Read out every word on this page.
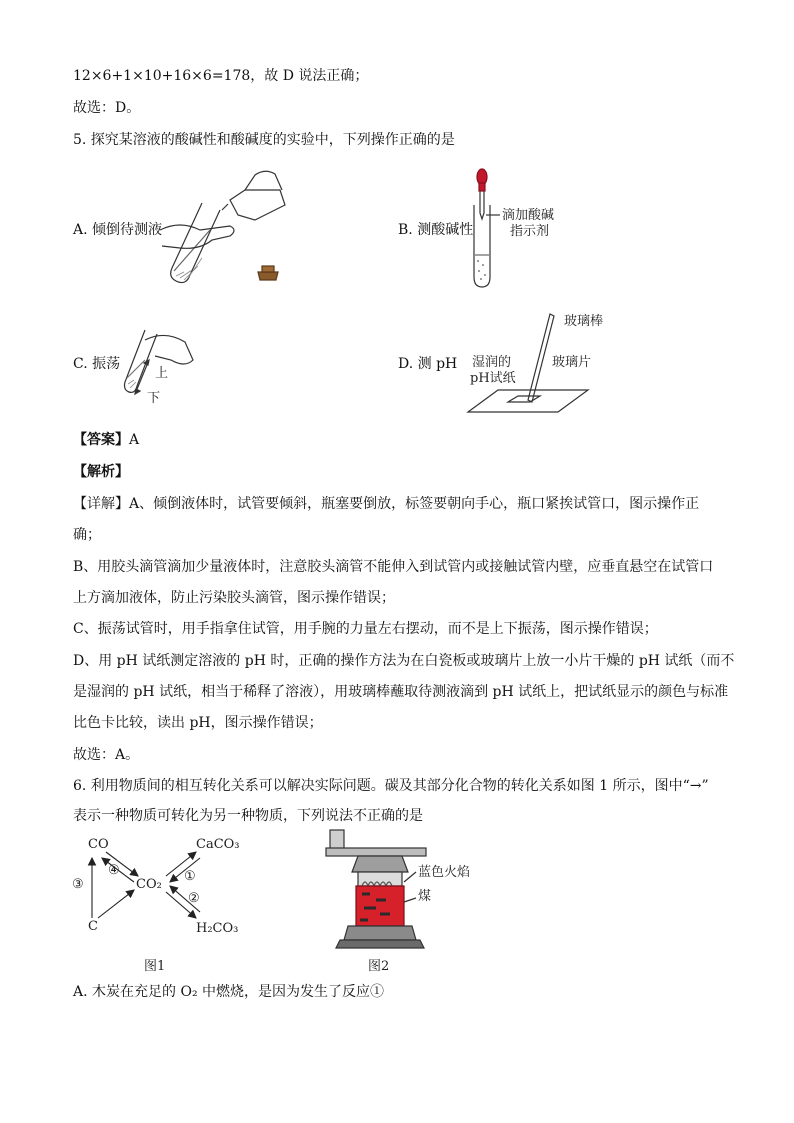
12×6+1×10+16×6=178，故 D 说法正确；
故选：D。
5. 探究某溶液的酸碱性和酸碱度的实验中，下列操作正确的是
A. 倾倒待测液	B. 测酸碱性
C. 振荡	D. 测 pH
滴加酸碱
指示剂
上
下
玻璃棒
湿润的
pH试纸
玻璃片
【答案】A
【解析】
【详解】A、倾倒液体时，试管要倾斜，瓶塞要倒放，标签要朝向手心，瓶口紧挨试管口，图示操作正
确；
B、用胶头滴管滴加少量液体时，注意胶头滴管不能伸入到试管内或接触试管内壁，应垂直悬空在试管口
上方滴加液体，防止污染胶头滴管，图示操作错误；
C、振荡试管时，用手指拿住试管，用手腕的力量左右摆动，而不是上下振荡，图示操作错误；
D、用 pH 试纸测定溶液的 pH 时，正确的操作方法为在白瓷板或玻璃片上放一小片干燥的 pH 试纸（而不
是湿润的 pH 试纸，相当于稀释了溶液），用玻璃棒蘸取待测液滴到 pH 试纸上，把试纸显示的颜色与标准
比色卡比较，读出 pH，图示操作错误；
故选：A。
6. 利用物质间的相互转化关系可以解决实际问题。碳及其部分化合物的转化关系如图 1 所示，图中“→”
表示一种物质可转化为另一种物质，下列说法不正确的是
CO
CO₂
C
CaCO₃
H₂CO₃
④	①
②
③
图1
蓝色火焰
煤
图2
A. 木炭在充足的 O₂ 中燃烧，是因为发生了反应①
